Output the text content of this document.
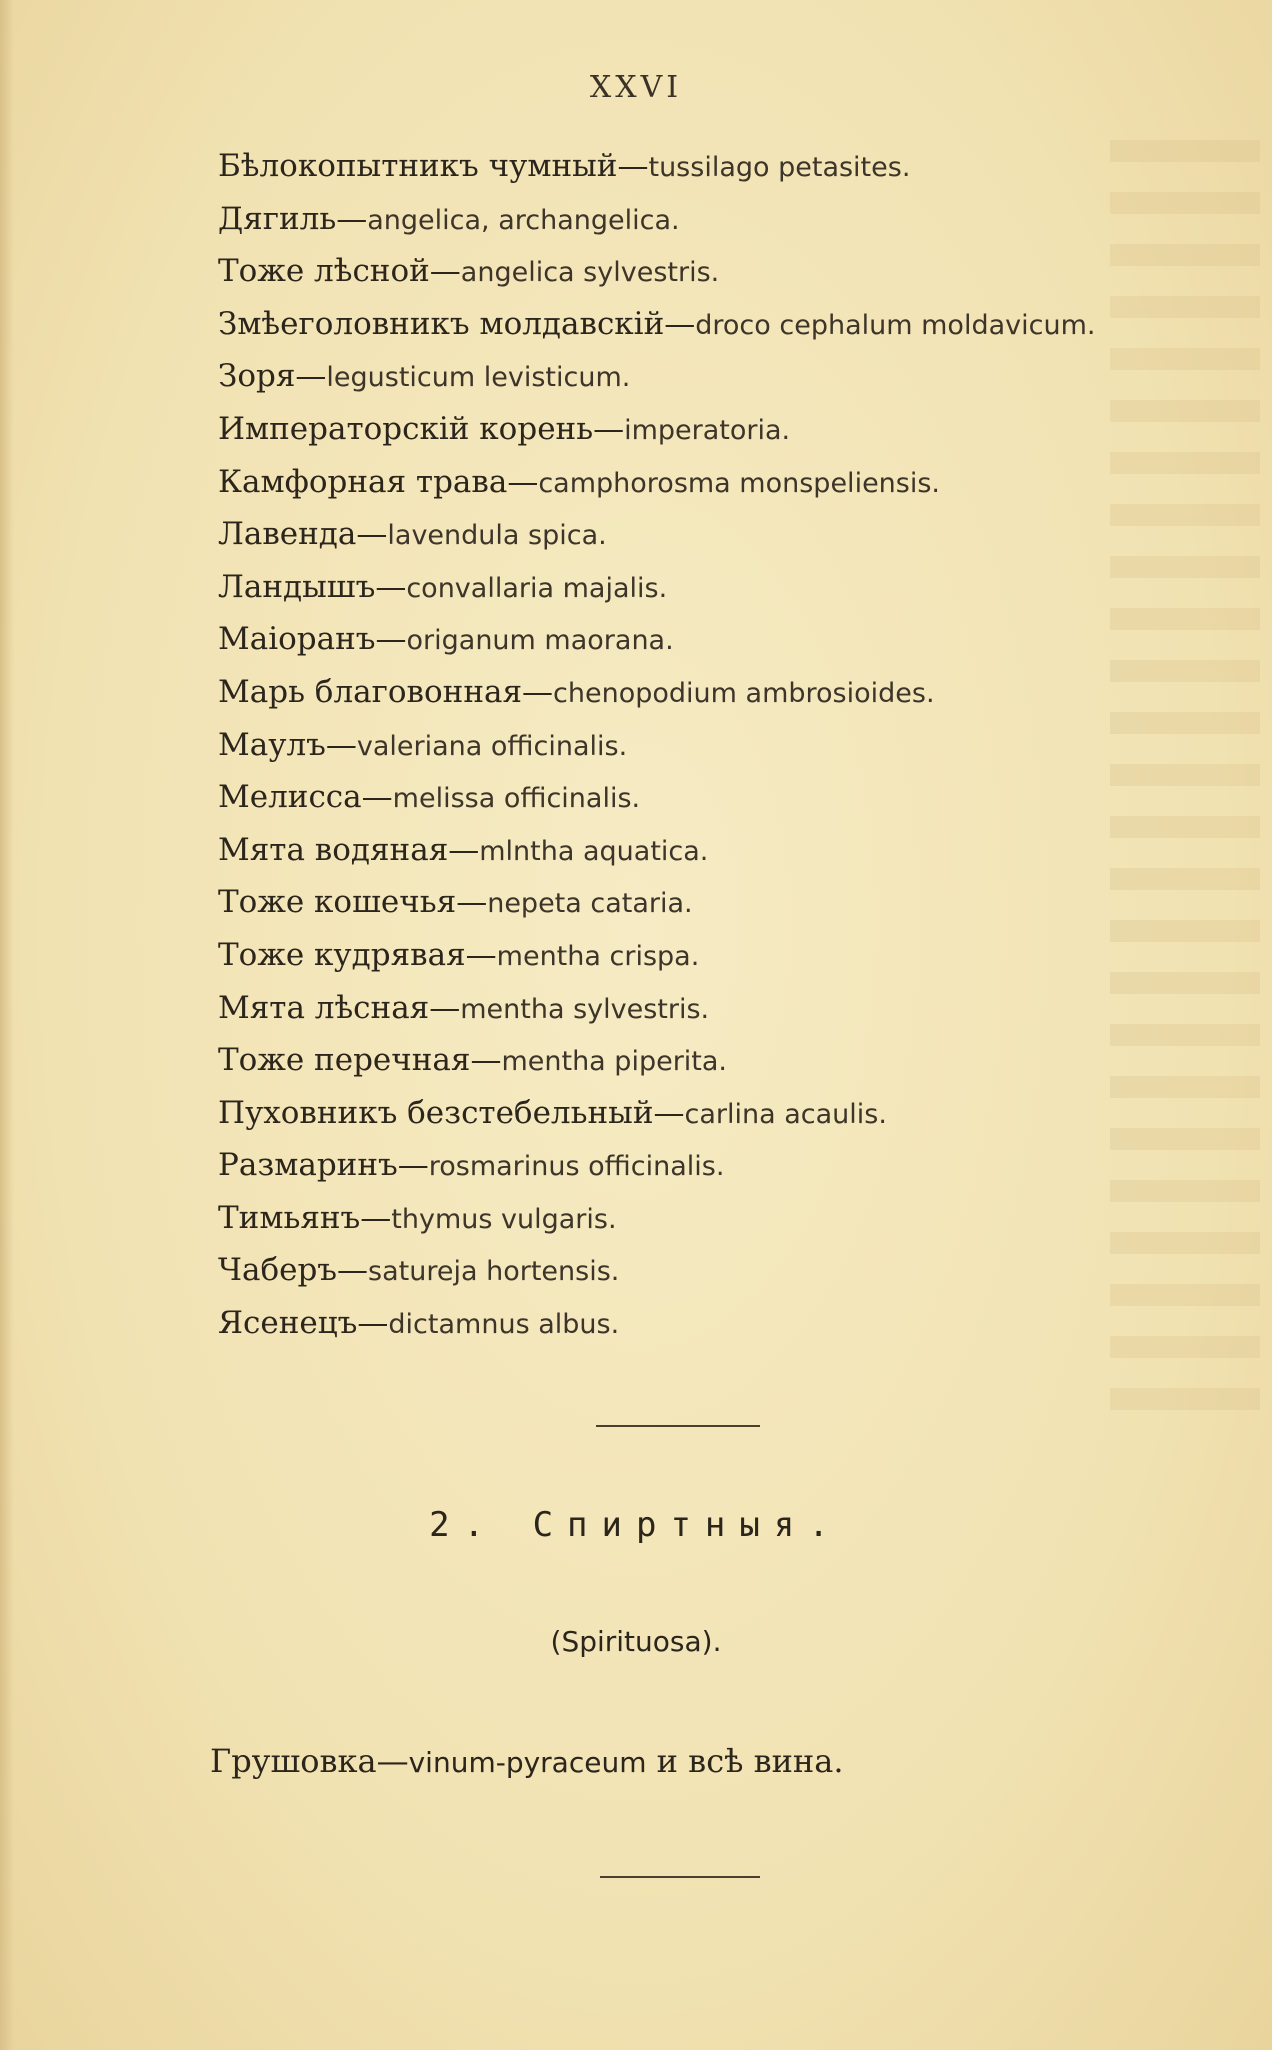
XXVI
Бѣлокопытникъ чумный—tussilago petasites.
Дягиль—angelica, archangelica.
Тоже лѣсной—angelica sylvestris.
Змѣеголовникъ молдавскій—droco cephalum moldavicum.
Зоря—legusticum levisticum.
Императорскій корень—imperatoria.
Камфорная трава—camphorosma monspeliensis.
Лавенда—lavendula spica.
Ландышъ—convallaria majalis.
Маіоранъ—origanum maorana.
Марь благовонная—chenopodium ambrosioides.
Маулъ—valeriana officinalis.
Мелисса—melissa officinalis.
Мята водяная—mlntha aquatica.
Тоже кошечья—nepeta cataria.
Тоже кудрявая—mentha crispa.
Мята лѣсная—mentha sylvestris.
Тоже перечная—mentha piperita.
Пуховникъ безстебельный—carlina acaulis.
Размаринъ—rosmarinus officinalis.
Тимьянъ—thymus vulgaris.
Чаберъ—satureja hortensis.
Ясенецъ—dictamnus albus.
2. Спиртныя.
(Spirituosa).
Грушовка—vinum-pyraceum и всѣ вина.
